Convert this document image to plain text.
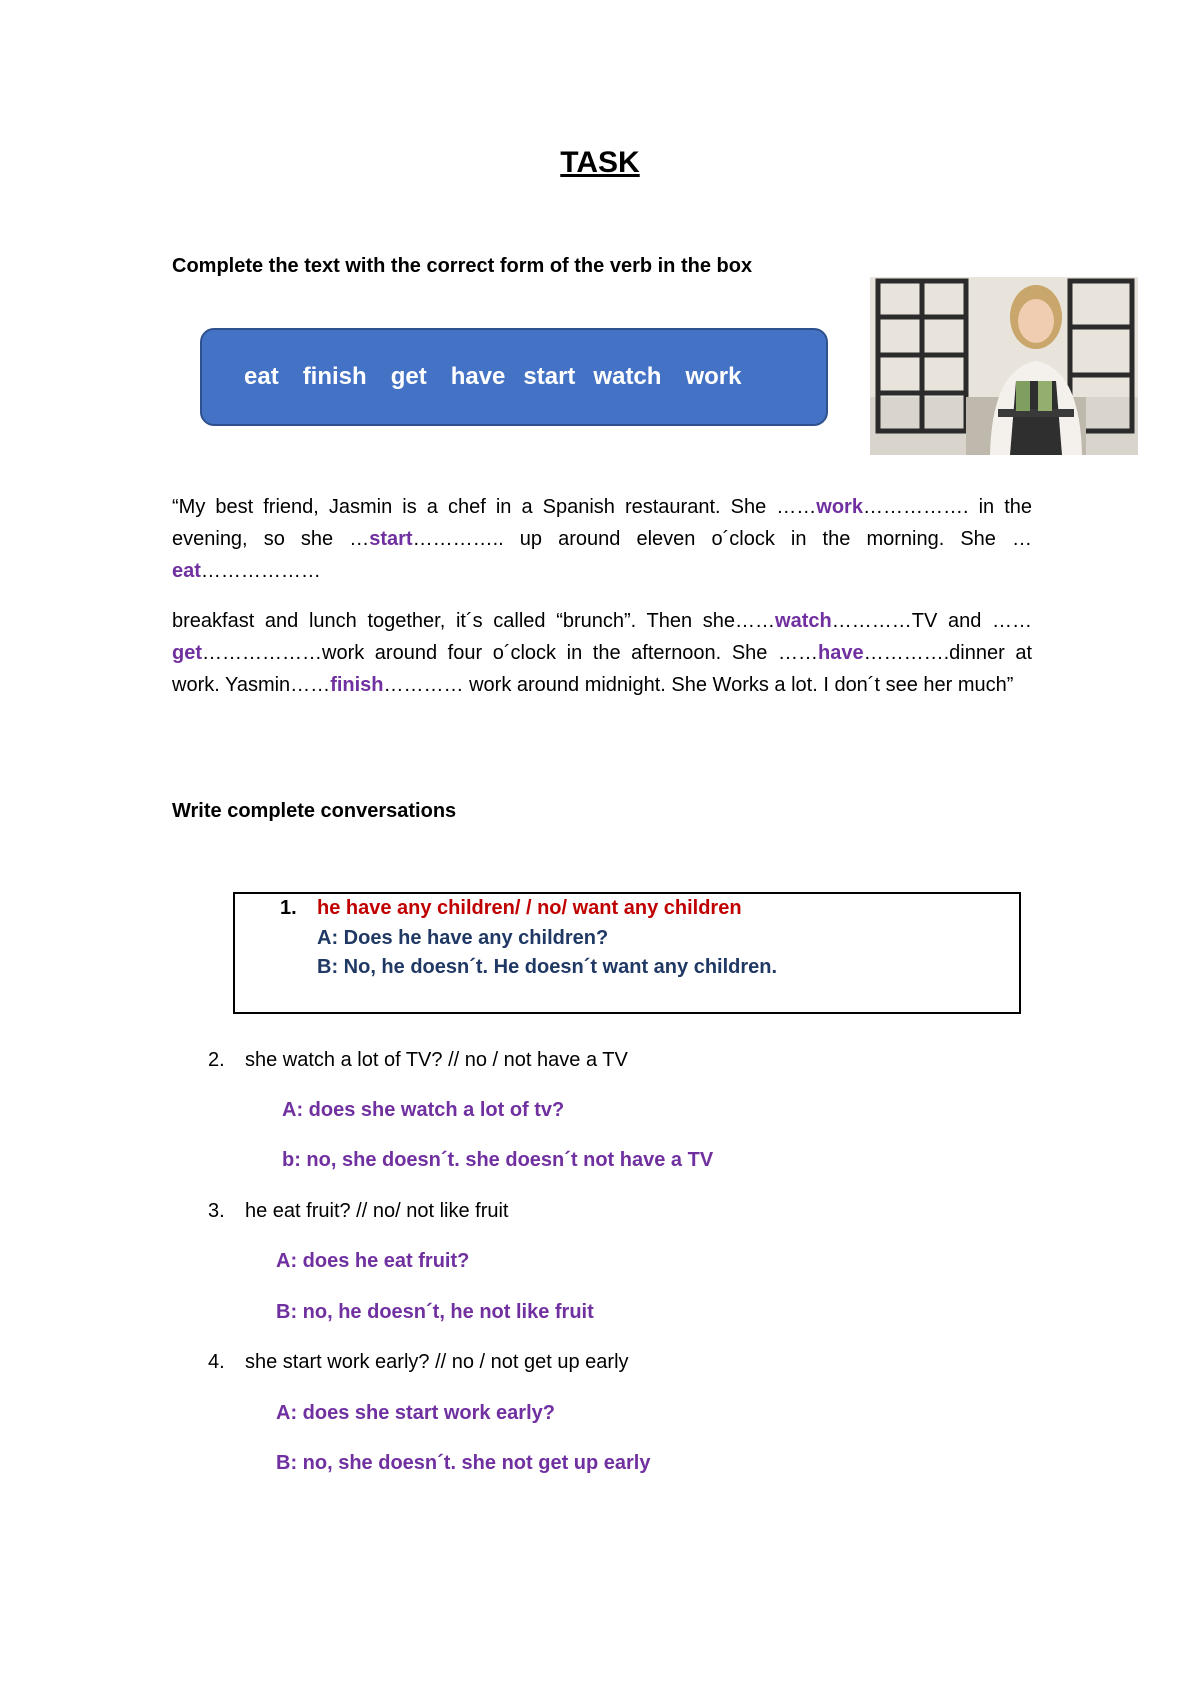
TASK
Complete the text with the correct form of the verb in the box
eat finish get have start watch work
“My best friend, Jasmin is a chef in a Spanish restaurant. She ……work……………. in the evening, so she …start………….. up around eleven o´clock in the morning. She … eat………………
breakfast and lunch together, it´s called “brunch”. Then she……watch…………TV and …… get………………work around four o´clock in the afternoon. She ……have………….dinner at work. Yasmin……finish………… work around midnight. She Works a lot. I don´t see her much”
Write complete conversations
1. he have any children/ / no/ want any children
A: Does he have any children?
B: No, he doesn´t. He doesn´t want any children.
2. she watch a lot of TV? // no / not have a TV
A: does she watch a lot of tv?
b: no, she doesn´t. she doesn´t not have a TV
3. he eat fruit? // no/ not like fruit
A: does he eat fruit?
B: no, he doesn´t, he not like fruit
4. she start work early? // no / not get up early
A: does she start work early?
B: no, she doesn´t. she not get up early
